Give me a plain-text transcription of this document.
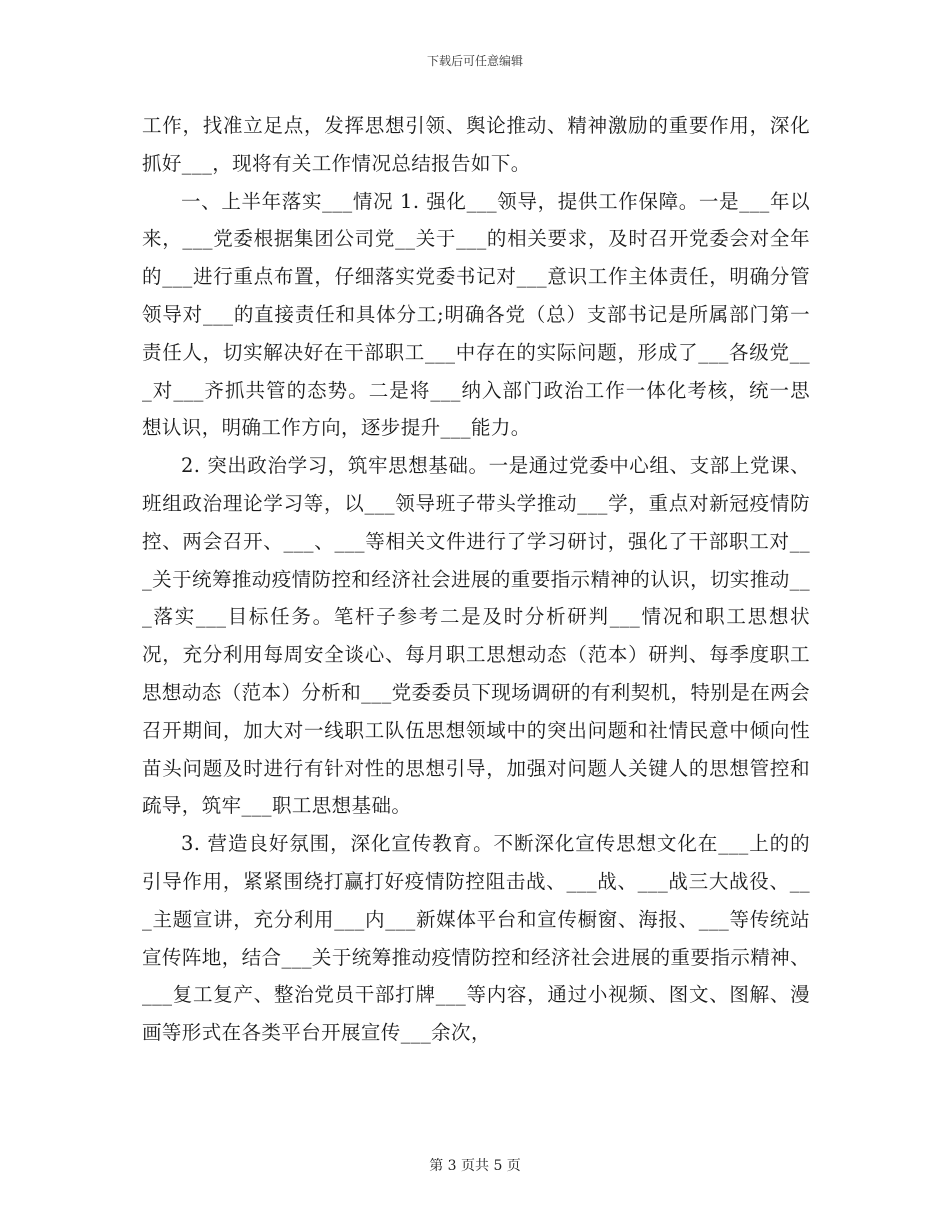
下载后可任意编辑

工作，找准立足点，发挥思想引领、舆论推动、精神激励的重要作用，深化抓好___，现将有关工作情况总结报告如下。

一、上半年落实___情况 1. 强化___领导，提供工作保障。一是___年以来，___党委根据集团公司党__关于___的相关要求，及时召开党委会对全年的___进行重点布置，仔细落实党委书记对___意识工作主体责任，明确分管领导对___的直接责任和具体分工;明确各党（总）支部书记是所属部门第一责任人，切实解决好在干部职工___中存在的实际问题，形成了___各级党___对___齐抓共管的态势。二是将___纳入部门政治工作一体化考核，统一思想认识，明确工作方向，逐步提升___能力。

2. 突出政治学习，筑牢思想基础。一是通过党委中心组、支部上党课、班组政治理论学习等，以___领导班子带头学推动___学，重点对新冠疫情防控、两会召开、___、___等相关文件进行了学习研讨，强化了干部职工对___关于统筹推动疫情防控和经济社会进展的重要指示精神的认识，切实推动___落实___目标任务。笔杆子参考二是及时分析研判___情况和职工思想状况，充分利用每周安全谈心、每月职工思想动态（范本）研判、每季度职工思想动态（范本）分析和___党委委员下现场调研的有利契机，特别是在两会召开期间，加大对一线职工队伍思想领域中的突出问题和社情民意中倾向性苗头问题及时进行有针对性的思想引导，加强对问题人关键人的思想管控和疏导，筑牢___职工思想基础。

3. 营造良好氛围，深化宣传教育。不断深化宣传思想文化在___上的的引导作用，紧紧围绕打赢打好疫情防控阻击战、___战、___战三大战役、___主题宣讲，充分利用___内___新媒体平台和宣传橱窗、海报、___等传统站宣传阵地，结合___关于统筹推动疫情防控和经济社会进展的重要指示精神、___复工复产、整治党员干部打牌___等内容，通过小视频、图文、图解、漫画等形式在各类平台开展宣传___余次，

第 3 页共 5 页
